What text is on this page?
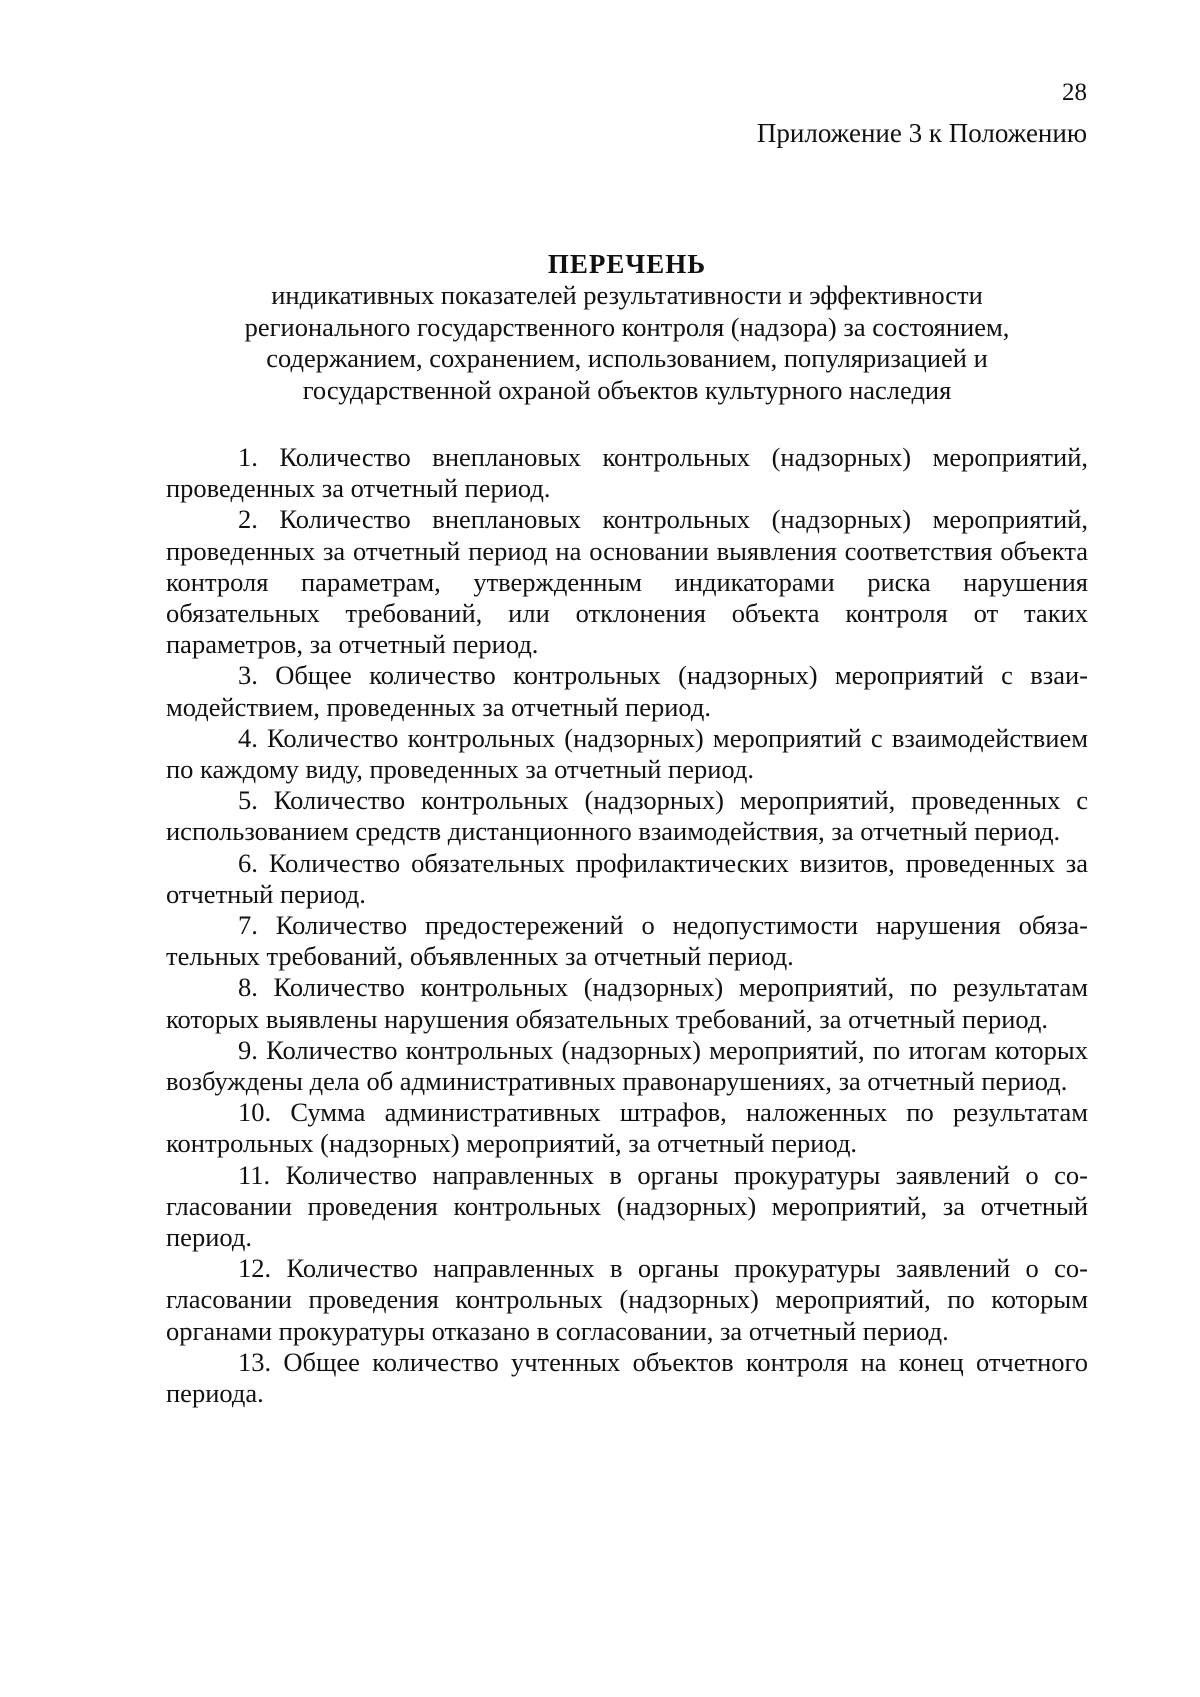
28
Приложение 3 к Положению

ПЕРЕЧЕНЬ

индикативных показателей результативности и эффективности
регионального государственного контроля (надзора) за состоянием,
содержанием, сохранением, использованием, популяризацией и
государственной охраной объектов культурного наследия

1. Количество внеплановых контрольных (надзорных) мероприятий, проведенных за отчетный период.
2. Количество внеплановых контрольных (надзорных) мероприятий, проведенных за отчетный период на основании выявления соответствия объекта контроля параметрам, утвержденным индикаторами риска нарушения обязательных требований, или отклонения объекта контроля от таких параметров, за отчетный период.
3. Общее количество контрольных (надзорных) мероприятий с взаимодействием, проведенных за отчетный период.
4. Количество контрольных (надзорных) мероприятий с взаимодействием по каждому виду, проведенных за отчетный период.
5. Количество контрольных (надзорных) мероприятий, проведенных с использованием средств дистанционного взаимодействия, за отчетный период.
6. Количество обязательных профилактических визитов, проведенных за отчетный период.
7. Количество предостережений о недопустимости нарушения обязательных требований, объявленных за отчетный период.
8. Количество контрольных (надзорных) мероприятий, по результатам которых выявлены нарушения обязательных требований, за отчетный период.
9. Количество контрольных (надзорных) мероприятий, по итогам которых возбуждены дела об административных правонарушениях, за отчетный период.
10. Сумма административных штрафов, наложенных по результатам контрольных (надзорных) мероприятий, за отчетный период.
11. Количество направленных в органы прокуратуры заявлений о согласовании проведения контрольных (надзорных) мероприятий, за отчетный период.
12. Количество направленных в органы прокуратуры заявлений о согласовании проведения контрольных (надзорных) мероприятий, по которым органами прокуратуры отказано в согласовании, за отчетный период.
13. Общее количество учтенных объектов контроля на конец отчетного периода.
